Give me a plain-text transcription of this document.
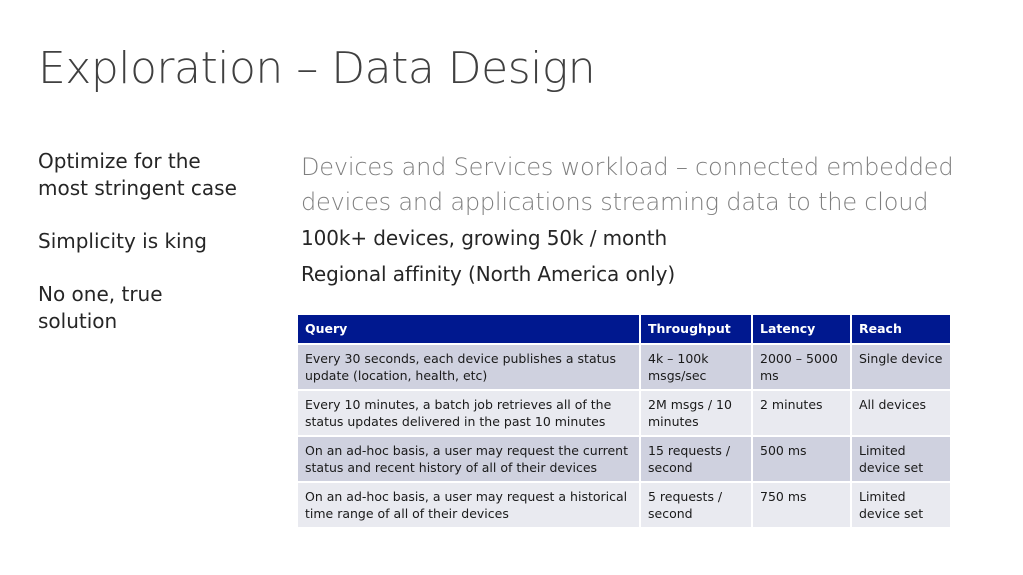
Exploration – Data Design
Optimize for the most stringent case
Simplicity is king
No one, true solution
Devices and Services workload – connected embedded devices and applications streaming data to the cloud
100k+ devices, growing 50k / month
Regional affinity (North America only)
Query	Throughput	Latency	Reach
Every 30 seconds, each device publishes a status update (location, health, etc)	4k – 100k msgs/sec	2000 – 5000 ms	Single device
Every 10 minutes, a batch job retrieves all of the status updates delivered in the past 10 minutes	2M msgs / 10 minutes	2 minutes	All devices
On an ad-hoc basis, a user may request the current status and recent history of all of their devices	15 requests / second	500 ms	Limited device set
On an ad-hoc basis, a user may request a historical time range of all of their devices	5 requests / second	750 ms	Limited device set
